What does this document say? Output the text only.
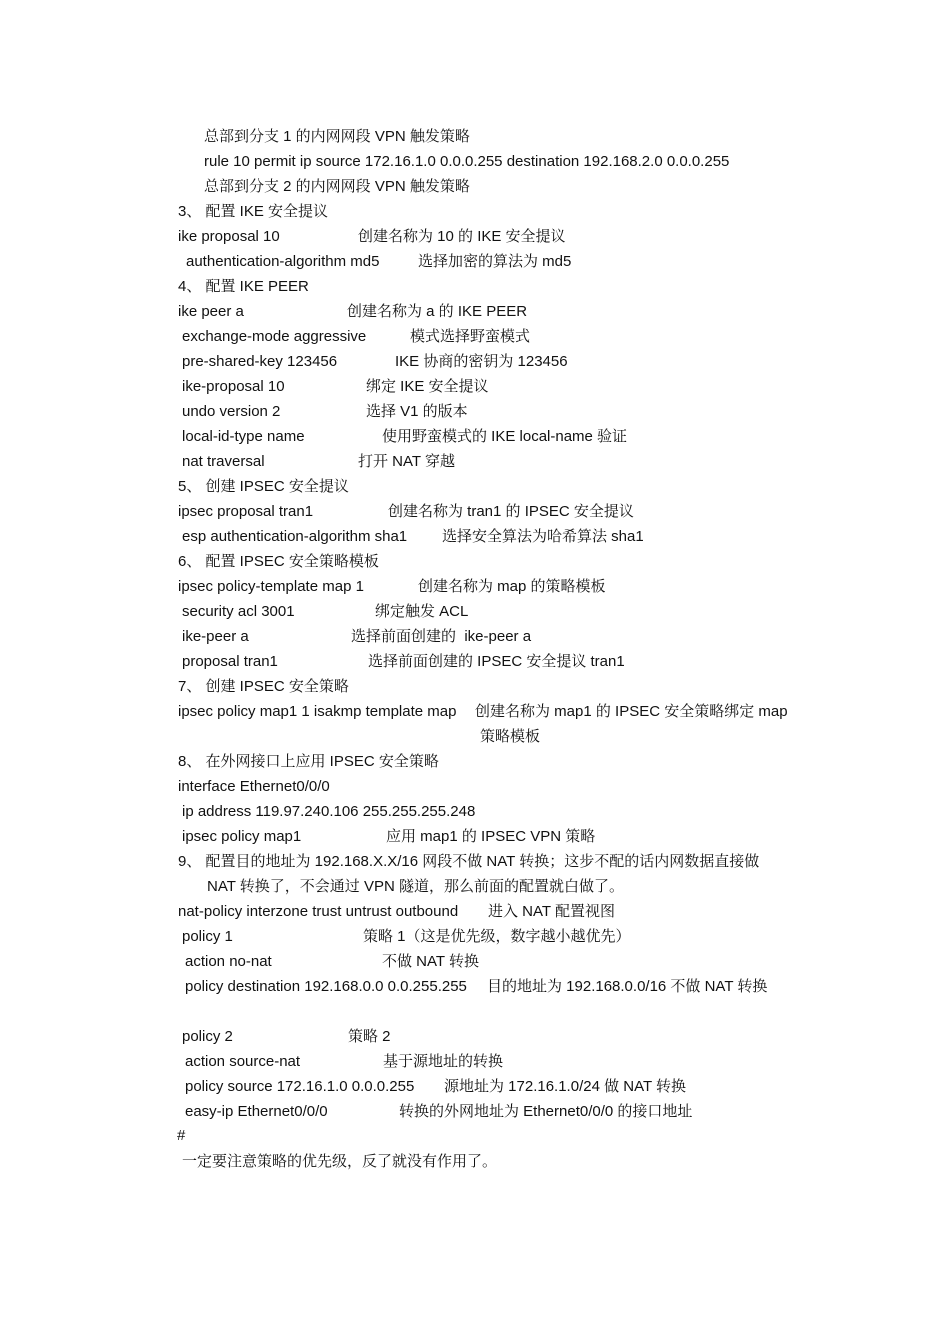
总部到分支 1 的内网网段 VPN 触发策略
rule 10 permit ip source 172.16.1.0 0.0.0.255 destination 192.168.2.0 0.0.0.255
总部到分支 2 的内网网段 VPN 触发策略
3、 配置 IKE 安全提议
ike proposal 10	创建名称为 10 的 IKE 安全提议
authentication-algorithm md5	选择加密的算法为 md5
4、 配置 IKE PEER
ike peer a	创建名称为 a 的 IKE PEER
exchange-mode aggressive	模式选择野蛮模式
pre-shared-key 123456	IKE 协商的密钥为 123456
ike-proposal 10	绑定 IKE 安全提议
undo version 2	选择 V1 的版本
local-id-type name	使用野蛮模式的 IKE local-name 验证
nat traversal	打开 NAT 穿越
5、 创建 IPSEC 安全提议
ipsec proposal tran1	创建名称为 tran1 的 IPSEC 安全提议
esp authentication-algorithm sha1 选择安全算法为哈希算法 sha1
6、 配置 IPSEC 安全策略模板
ipsec policy-template map 1	创建名称为 map 的策略模板
security acl 3001	绑定触发 ACL
ike-peer a	选择前面创建的  ike-peer a
proposal tran1	选择前面创建的 IPSEC 安全提议 tran1
7、 创建 IPSEC 安全策略
ipsec policy map1 1 isakmp template map 创建名称为 map1 的 IPSEC 安全策略绑定 map
策略模板
8、 在外网接口上应用 IPSEC 安全策略
interface Ethernet0/0/0
ip address 119.97.240.106 255.255.255.248
ipsec policy map1	应用 map1 的 IPSEC VPN 策略
9、 配置目的地址为 192.168.X.X/16 网段不做 NAT 转换；这步不配的话内网数据直接做
NAT 转换了，不会通过 VPN 隧道，那么前面的配置就白做了。
nat-policy interzone trust untrust outbound 进入 NAT 配置视图
policy 1	策略 1（这是优先级，数字越小越优先）
action no-nat	不做 NAT 转换
policy destination 192.168.0.0 0.0.255.255 目的地址为 192.168.0.0/16 不做 NAT 转换
policy 2	策略 2
action source-nat	基于源地址的转换
policy source 172.16.1.0 0.0.0.255 源地址为 172.16.1.0/24 做 NAT 转换
easy-ip Ethernet0/0/0	转换的外网地址为 Ethernet0/0/0 的接口地址
#
一定要注意策略的优先级，反了就没有作用了。
